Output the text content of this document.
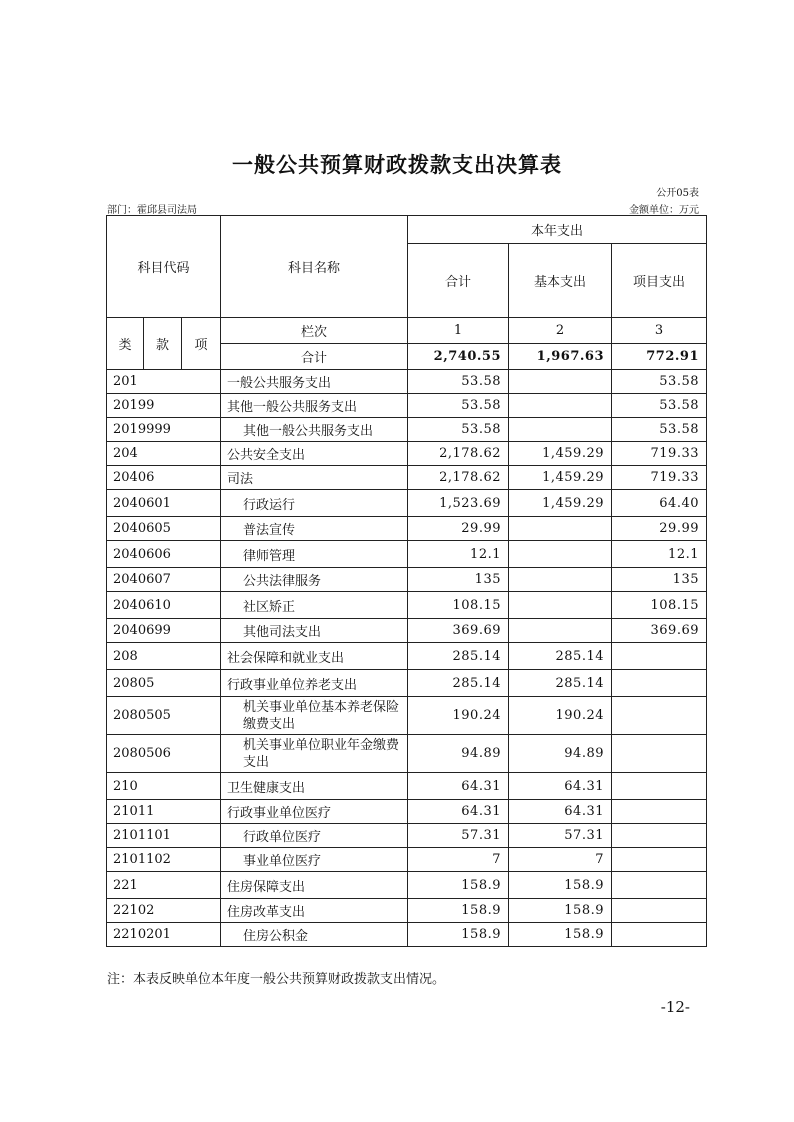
一般公共预算财政拨款支出决算表
公开05表
部门：霍邱县司法局	金额单位：万元
科目代码			科目名称	本年支出		
				合计	基本支出	项目支出

类	款	项	栏次	1	2	3
			合计	2,740.55	1,967.63	772.91
201			一般公共服务支出	53.58		53.58
20199			其他一般公共服务支出	53.58		53.58
2019999			其他一般公共服务支出	53.58		53.58
204			公共安全支出	2,178.62	1,459.29	719.33
20406			司法	2,178.62	1,459.29	719.33
2040601			行政运行	1,523.69	1,459.29	64.40
2040605			普法宣传	29.99		29.99
2040606			律师管理	12.1		12.1
2040607			公共法律服务	135		135
2040610			社区矫正	108.15		108.15
2040699			其他司法支出	369.69		369.69
208			社会保障和就业支出	285.14	285.14	
20805			行政事业单位养老支出	285.14	285.14	
2080505			机关事业单位基本养老保险缴费支出	190.24	190.24	
2080506			机关事业单位职业年金缴费支出	94.89	94.89	
210			卫生健康支出	64.31	64.31	
21011			行政事业单位医疗	64.31	64.31	
2101101			行政单位医疗	57.31	57.31	
2101102			事业单位医疗	7	7	
221			住房保障支出	158.9	158.9	
22102			住房改革支出	158.9	158.9	
2210201			住房公积金	158.9	158.9	
注：本表反映单位本年度一般公共预算财政拨款支出情况。
-12-
